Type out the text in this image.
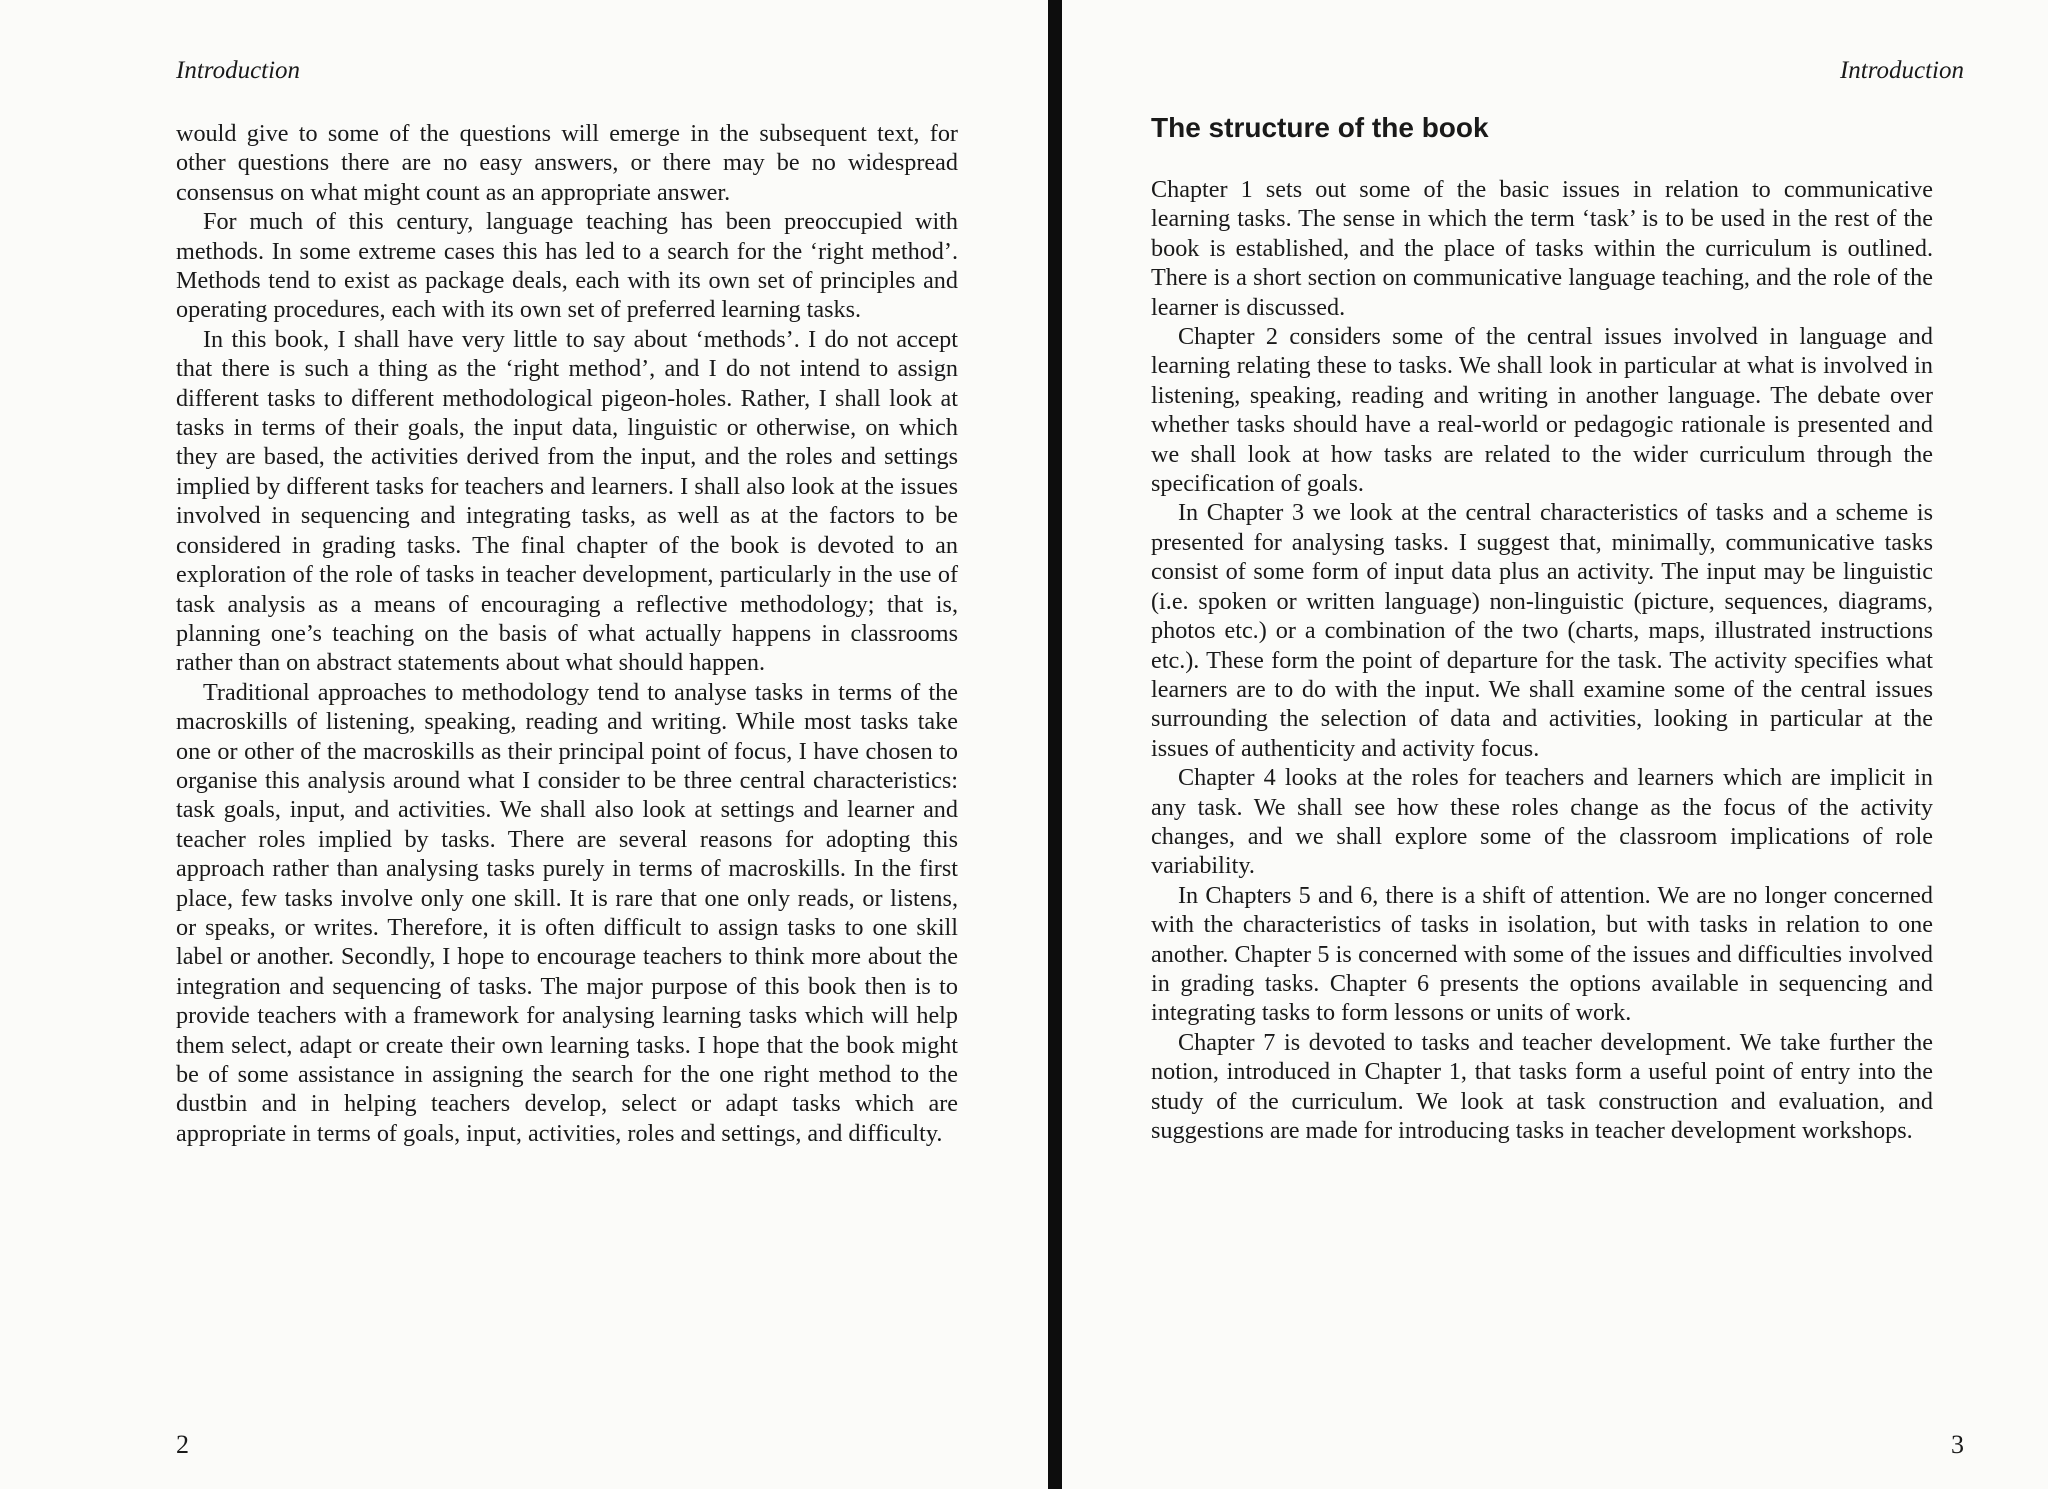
Introduction

would give to some of the questions will emerge in the subsequent text, for other questions there are no easy answers, or there may be no widespread consensus on what might count as an appropriate answer.

For much of this century, language teaching has been preoccupied with methods. In some extreme cases this has led to a search for the ‘right method’. Methods tend to exist as package deals, each with its own set of principles and operating procedures, each with its own set of preferred learning tasks.

In this book, I shall have very little to say about ‘methods’. I do not accept that there is such a thing as the ‘right method’, and I do not intend to assign different tasks to different methodological pigeon-holes. Rather, I shall look at tasks in terms of their goals, the input data, linguistic or otherwise, on which they are based, the activities derived from the input, and the roles and settings implied by different tasks for teachers and learners. I shall also look at the issues involved in sequencing and integrating tasks, as well as at the factors to be considered in grading tasks. The final chapter of the book is devoted to an exploration of the role of tasks in teacher development, particularly in the use of task analysis as a means of encouraging a reflective methodology; that is, planning one’s teaching on the basis of what actually happens in classrooms rather than on abstract statements about what should happen.

Traditional approaches to methodology tend to analyse tasks in terms of the macroskills of listening, speaking, reading and writing. While most tasks take one or other of the macroskills as their principal point of focus, I have chosen to organise this analysis around what I consider to be three central characteristics: task goals, input, and activities. We shall also look at settings and learner and teacher roles implied by tasks. There are several reasons for adopting this approach rather than analysing tasks purely in terms of macroskills. In the first place, few tasks involve only one skill. It is rare that one only reads, or listens, or speaks, or writes. Therefore, it is often difficult to assign tasks to one skill label or another. Secondly, I hope to encourage teachers to think more about the integration and sequencing of tasks. The major purpose of this book then is to provide teachers with a framework for analysing learning tasks which will help them select, adapt or create their own learning tasks. I hope that the book might be of some assistance in assigning the search for the one right method to the dustbin and in helping teachers develop, select or adapt tasks which are appropriate in terms of goals, input, activities, roles and settings, and difficulty.

2
Introduction
The structure of the book

Chapter 1 sets out some of the basic issues in relation to communicative learning tasks. The sense in which the term ‘task’ is to be used in the rest of the book is established, and the place of tasks within the curriculum is outlined. There is a short section on communicative language teaching, and the role of the learner is discussed.

Chapter 2 considers some of the central issues involved in language and learning relating these to tasks. We shall look in particular at what is involved in listening, speaking, reading and writing in another language. The debate over whether tasks should have a real-world or pedagogic rationale is presented and we shall look at how tasks are related to the wider curriculum through the specification of goals.

In Chapter 3 we look at the central characteristics of tasks and a scheme is presented for analysing tasks. I suggest that, minimally, communicative tasks consist of some form of input data plus an activity. The input may be linguistic (i.e. spoken or written language) non-linguistic (picture, sequences, diagrams, photos etc.) or a combination of the two (charts, maps, illustrated instructions etc.). These form the point of departure for the task. The activity specifies what learners are to do with the input. We shall examine some of the central issues surrounding the selection of data and activities, looking in particular at the issues of authenticity and activity focus.

Chapter 4 looks at the roles for teachers and learners which are implicit in any task. We shall see how these roles change as the focus of the activity changes, and we shall explore some of the classroom implications of role variability.

In Chapters 5 and 6, there is a shift of attention. We are no longer concerned with the characteristics of tasks in isolation, but with tasks in relation to one another. Chapter 5 is concerned with some of the issues and difficulties involved in grading tasks. Chapter 6 presents the options available in sequencing and integrating tasks to form lessons or units of work.

Chapter 7 is devoted to tasks and teacher development. We take further the notion, introduced in Chapter 1, that tasks form a useful point of entry into the study of the curriculum. We look at task construction and evaluation, and suggestions are made for introducing tasks in teacher development workshops.

3
